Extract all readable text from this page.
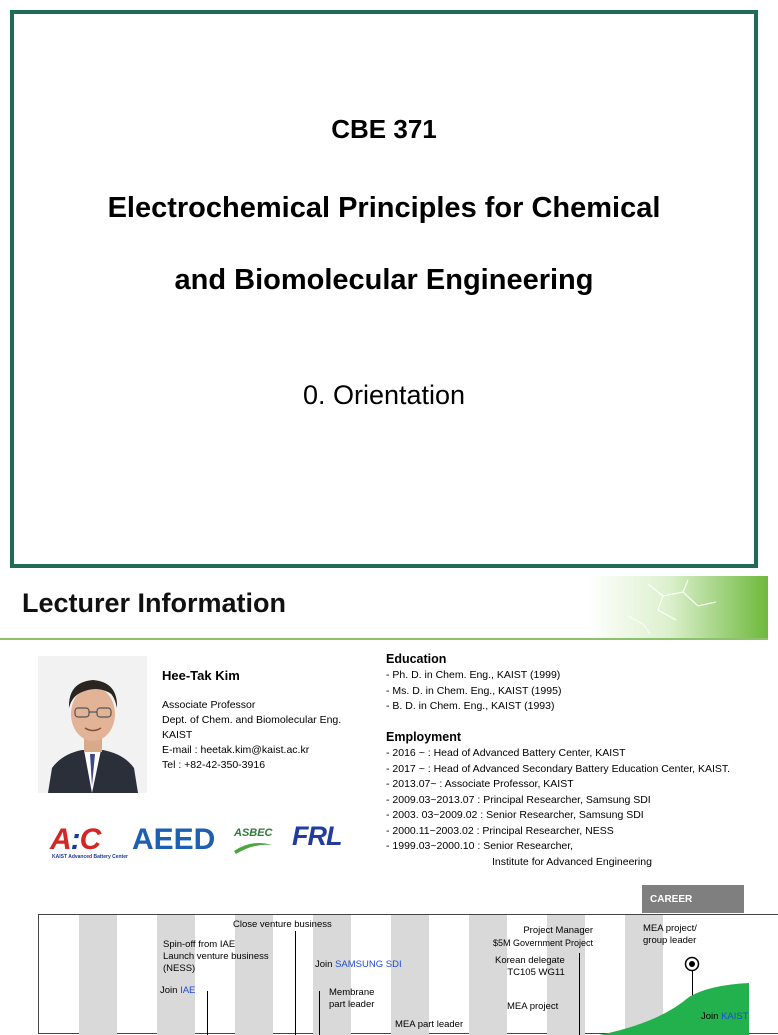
CBE 371
Electrochemical Principles for Chemical
and Biomolecular Engineering
0. Orientation
Lecturer Information
Hee-Tak Kim
Associate Professor
Dept. of Chem. and Biomolecular Eng.
KAIST
E-mail : heetak.kim@kaist.ac.kr
Tel : +82-42-350-3916
A:C
KAIST Advanced Battery Center
AEED ASBEC FRL
Education
- Ph. D. in Chem. Eng., KAIST (1999)
- Ms. D. in Chem. Eng., KAIST (1995)
- B. D. in Chem. Eng., KAIST (1993)
Employment
- 2016 ~ : Head of Advanced Battery Center, KAIST
- 2017 ~ : Head of Advanced Secondary Battery Education Center, KAIST.
- 2013.07~ : Associate Professor, KAIST
- 2009.03~2013.07 : Principal Researcher, Samsung SDI
- 2003. 03~2009.02 : Senior Researcher, Samsung SDI
- 2000.11~2003.02 : Principal Researcher, NESS
- 1999.03~2000.10 : Senior Researcher,
Institute for Advanced Engineering
CAREER
Close venture business
Spin-off from IAE
Launch venture business
(NESS)	Join SAMSUNG SDI
Join IAE	Membrane
part leader
MEA part leader
Project Manager
$5M Government Project
Korean delegate
TC105 WG11
MEA project
MEA project/
group leader
Join KAIST
